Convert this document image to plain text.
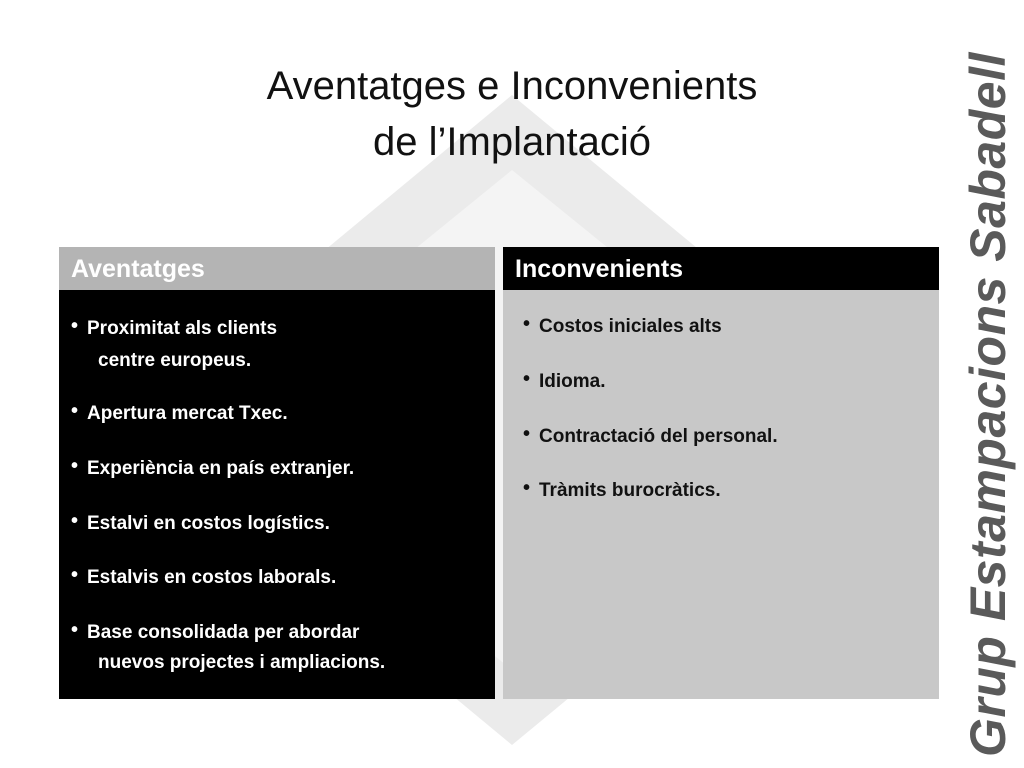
Aventatges e Inconvenients
de l’Implantació
Aventatges
• Proximitat als clients
centre europeus.
• Apertura mercat Txec.
• Experiència en país extranjer.
• Estalvi en costos logístics.
• Estalvis en costos laborals.
• Base consolidada per abordar
nuevos projectes i ampliacions.
Inconvenients
• Costos iniciales alts
• Idioma.
• Contractació del personal.
• Tràmits burocràtics.	Grup Estampacions Sabadell
